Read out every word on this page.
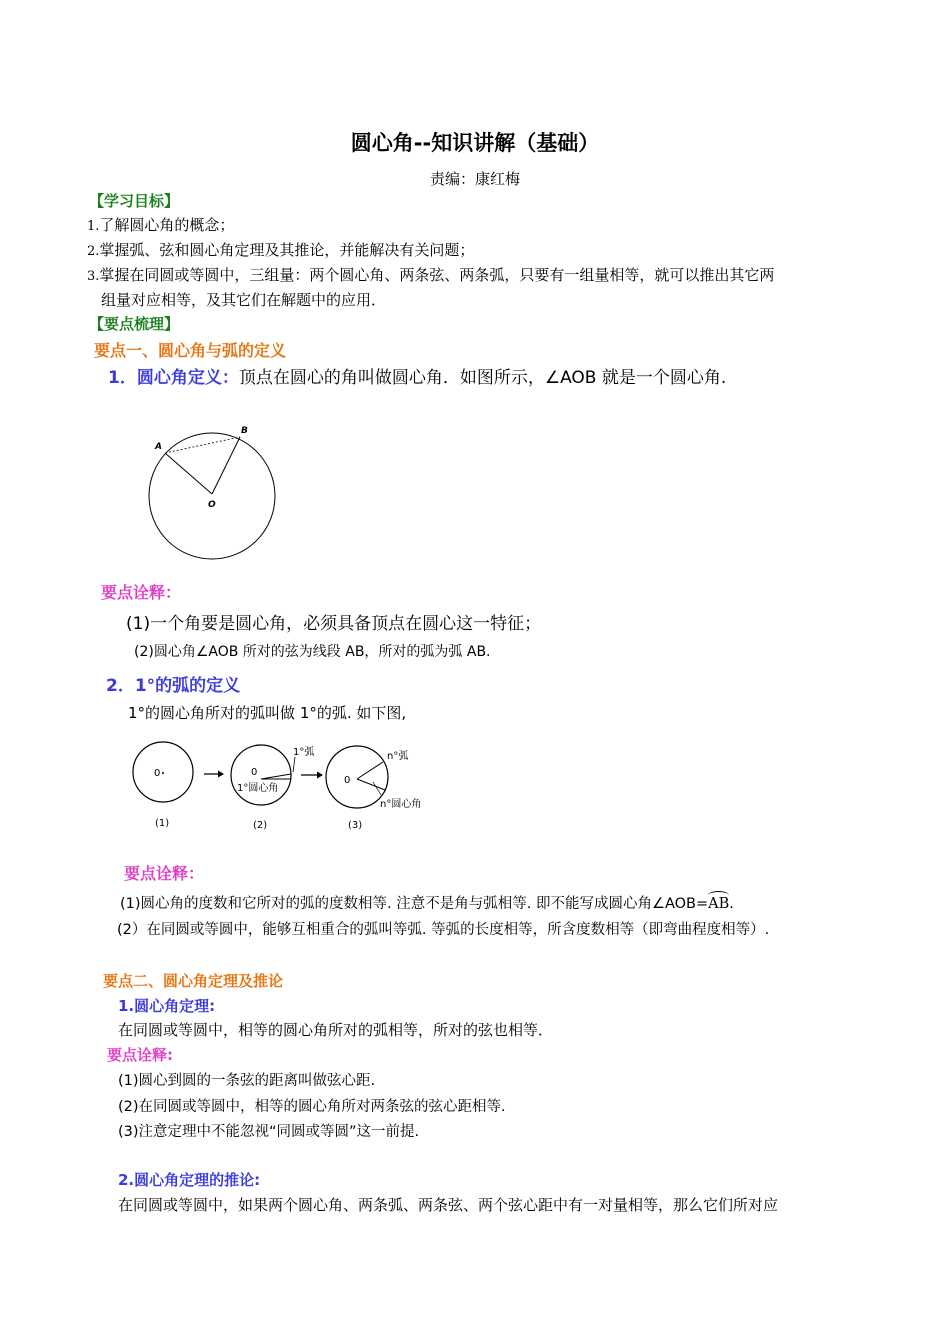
圆心角--知识讲解（基础）
责编：康红梅
【学习目标】
1.了解圆心角的概念；
2.掌握弧、弦和圆心角定理及其推论，并能解决有关问题；
3.掌握在同圆或等圆中，三组量：两个圆心角、两条弦、两条弧，只要有一组量相等，就可以推出其它两
组量对应相等，及其它们在解题中的应用．
【要点梳理】
要点一、圆心角与弧的定义
1．圆心角定义：顶点在圆心的角叫做圆心角．如图所示，∠AOB 就是一个圆心角.
A
B
O
要点诠释：
(1)一个角要是圆心角，必须具备顶点在圆心这一特征；
(2)圆心角∠AOB 所对的弦为线段 AB，所对的弧为弧 AB.
2．1°的弧的定义
1°的圆心角所对的弧叫做 1°的弧. 如下图,
0	0
1°弧
1°圆心角
0
n°弧
n°圆心角
(1)	(2)	(3)
要点诠释：
(1)圆心角的度数和它所对的弧的度数相等. 注意不是角与弧相等. 即不能写成圆心角∠AOB=AB.
(2）在同圆或等圆中，能够互相重合的弧叫等弧. 等弧的长度相等，所含度数相等（即弯曲程度相等）.
要点二、圆心角定理及推论
1.圆心角定理:
在同圆或等圆中，相等的圆心角所对的弧相等，所对的弦也相等．
要点诠释:
(1)圆心到圆的一条弦的距离叫做弦心距.
(2)在同圆或等圆中，相等的圆心角所对两条弦的弦心距相等.
(3)注意定理中不能忽视“同圆或等圆”这一前提.
2.圆心角定理的推论:
在同圆或等圆中，如果两个圆心角、两条弧、两条弦、两个弦心距中有一对量相等，那么它们所对应
